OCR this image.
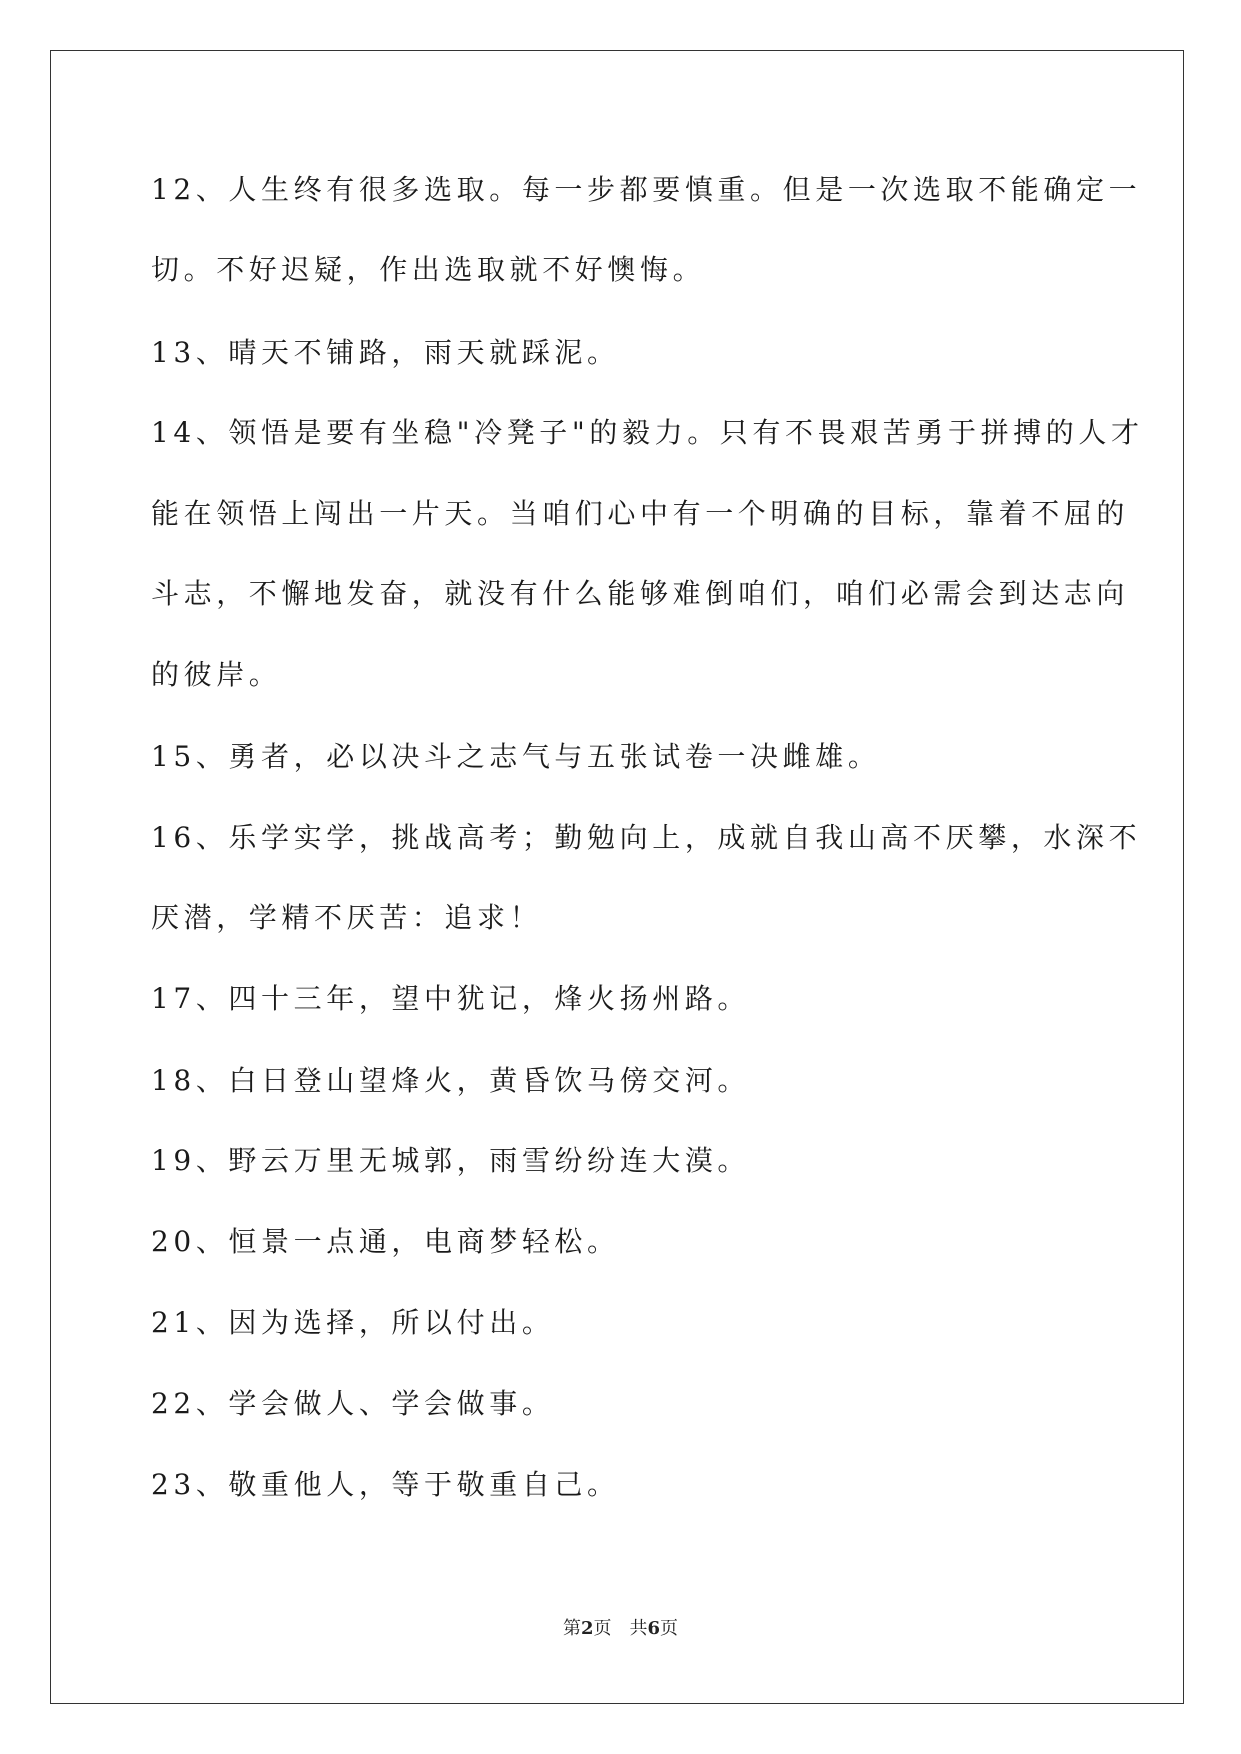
12、人生终有很多选取。每一步都要慎重。但是一次选取不能确定一
切。不好迟疑，作出选取就不好懊悔。
13、晴天不铺路，雨天就踩泥。
14、领悟是要有坐稳"冷凳子"的毅力。只有不畏艰苦勇于拼搏的人才
能在领悟上闯出一片天。当咱们心中有一个明确的目标，靠着不屈的
斗志，不懈地发奋，就没有什么能够难倒咱们，咱们必需会到达志向
的彼岸。
15、勇者，必以决斗之志气与五张试卷一决雌雄。
16、乐学实学，挑战高考；勤勉向上，成就自我山高不厌攀，水深不
厌潜，学精不厌苦：追求！
17、四十三年，望中犹记，烽火扬州路。
18、白日登山望烽火，黄昏饮马傍交河。
19、野云万里无城郭，雨雪纷纷连大漠。
20、恒景一点通，电商梦轻松。
21、因为选择，所以付出。
22、学会做人、学会做事。
23、敬重他人，等于敬重自己。
第2页 共6页
